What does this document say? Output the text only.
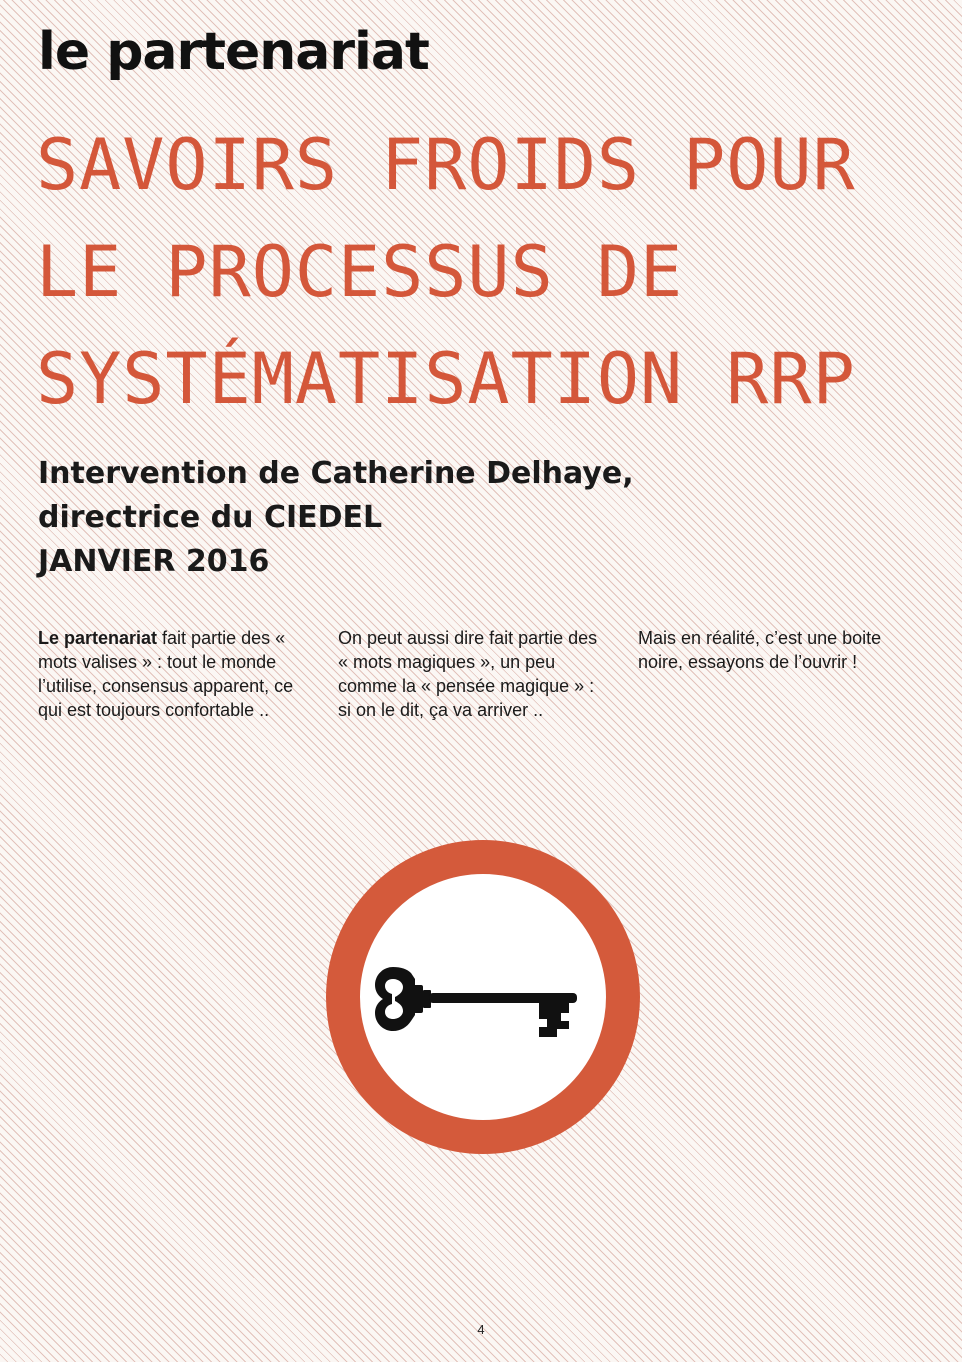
le partenariat
SAVOIRS FROIDS POUR
LE PROCESSUS DE
SYSTÉMATISATION RRP
Intervention de Catherine Delhaye,
directrice du CIEDEL
JANVIER 2016

Le partenariat fait partie des « mots valises » : tout le monde l’utilise, consensus apparent, ce qui est toujours confortable ..

On peut aussi dire fait partie des « mots magiques », un peu comme la « pensée magique » : si on le dit, ça va arriver ..

Mais en réalité, c’est une boite noire, essayons de l’ouvrir !

4
